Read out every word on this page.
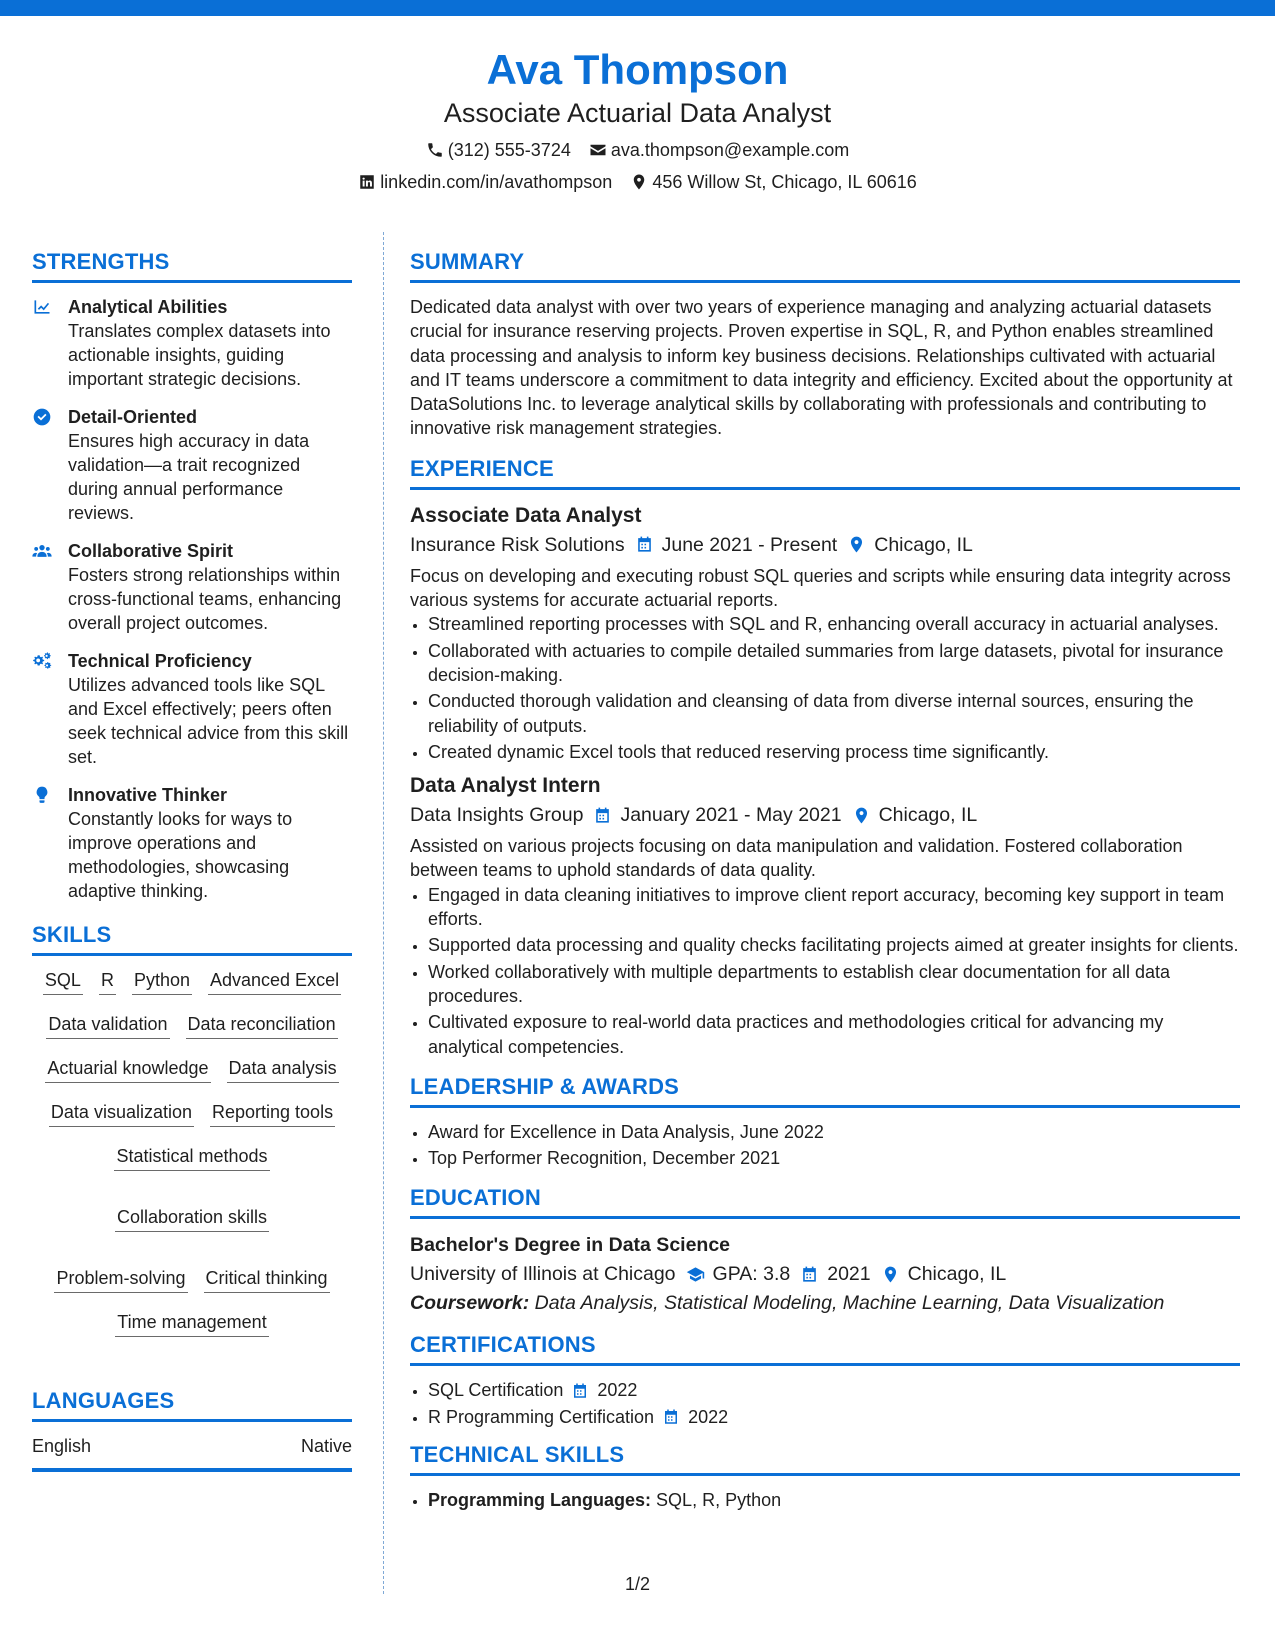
Ava Thompson
Associate Actuarial Data Analyst
(312) 555-3724 ava.thompson@example.com
linkedin.com/in/avathompson 456 Willow St, Chicago, IL 60616
STRENGTHS
Analytical Abilities
Translates complex datasets into actionable insights, guiding important strategic decisions.
Detail-Oriented
Ensures high accuracy in data validation—a trait recognized during annual performance reviews.
Collaborative Spirit
Fosters strong relationships within cross-functional teams, enhancing overall project outcomes.
Technical Proficiency
Utilizes advanced tools like SQL and Excel effectively; peers often seek technical advice from this skill set.
Innovative Thinker
Constantly looks for ways to improve operations and methodologies, showcasing adaptive thinking.
SKILLS
SQL R Python Advanced Excel
Data validation Data reconciliation
Actuarial knowledge Data analysis
Data visualization Reporting tools
Statistical methods
Collaboration skills
Problem-solving Critical thinking
Time management
LANGUAGES
English	Native
SUMMARY
Dedicated data analyst with over two years of experience managing and analyzing actuarial datasets crucial for insurance reserving projects. Proven expertise in SQL, R, and Python enables streamlined data processing and analysis to inform key business decisions. Relationships cultivated with actuarial and IT teams underscore a commitment to data integrity and efficiency. Excited about the opportunity at DataSolutions Inc. to leverage analytical skills by collaborating with professionals and contributing to innovative risk management strategies.
EXPERIENCE
Associate Data Analyst
Insurance Risk Solutions June 2021 - Present Chicago, IL
Focus on developing and executing robust SQL queries and scripts while ensuring data integrity across various systems for accurate actuarial reports.
• Streamlined reporting processes with SQL and R, enhancing overall accuracy in actuarial analyses.
• Collaborated with actuaries to compile detailed summaries from large datasets, pivotal for insurance decision-making.
• Conducted thorough validation and cleansing of data from diverse internal sources, ensuring the reliability of outputs.
• Created dynamic Excel tools that reduced reserving process time significantly.
Data Analyst Intern
Data Insights Group January 2021 - May 2021 Chicago, IL
Assisted on various projects focusing on data manipulation and validation. Fostered collaboration between teams to uphold standards of data quality.
• Engaged in data cleaning initiatives to improve client report accuracy, becoming key support in team efforts.
• Supported data processing and quality checks facilitating projects aimed at greater insights for clients.
• Worked collaboratively with multiple departments to establish clear documentation for all data procedures.
• Cultivated exposure to real-world data practices and methodologies critical for advancing my analytical competencies.
LEADERSHIP & AWARDS
• Award for Excellence in Data Analysis, June 2022
• Top Performer Recognition, December 2021
EDUCATION
Bachelor's Degree in Data Science
University of Illinois at Chicago GPA: 3.8 2021 Chicago, IL
Coursework: Data Analysis, Statistical Modeling, Machine Learning, Data Visualization
CERTIFICATIONS
• SQL Certification 2022
• R Programming Certification 2022
TECHNICAL SKILLS
• Programming Languages: SQL, R, Python
1/2
